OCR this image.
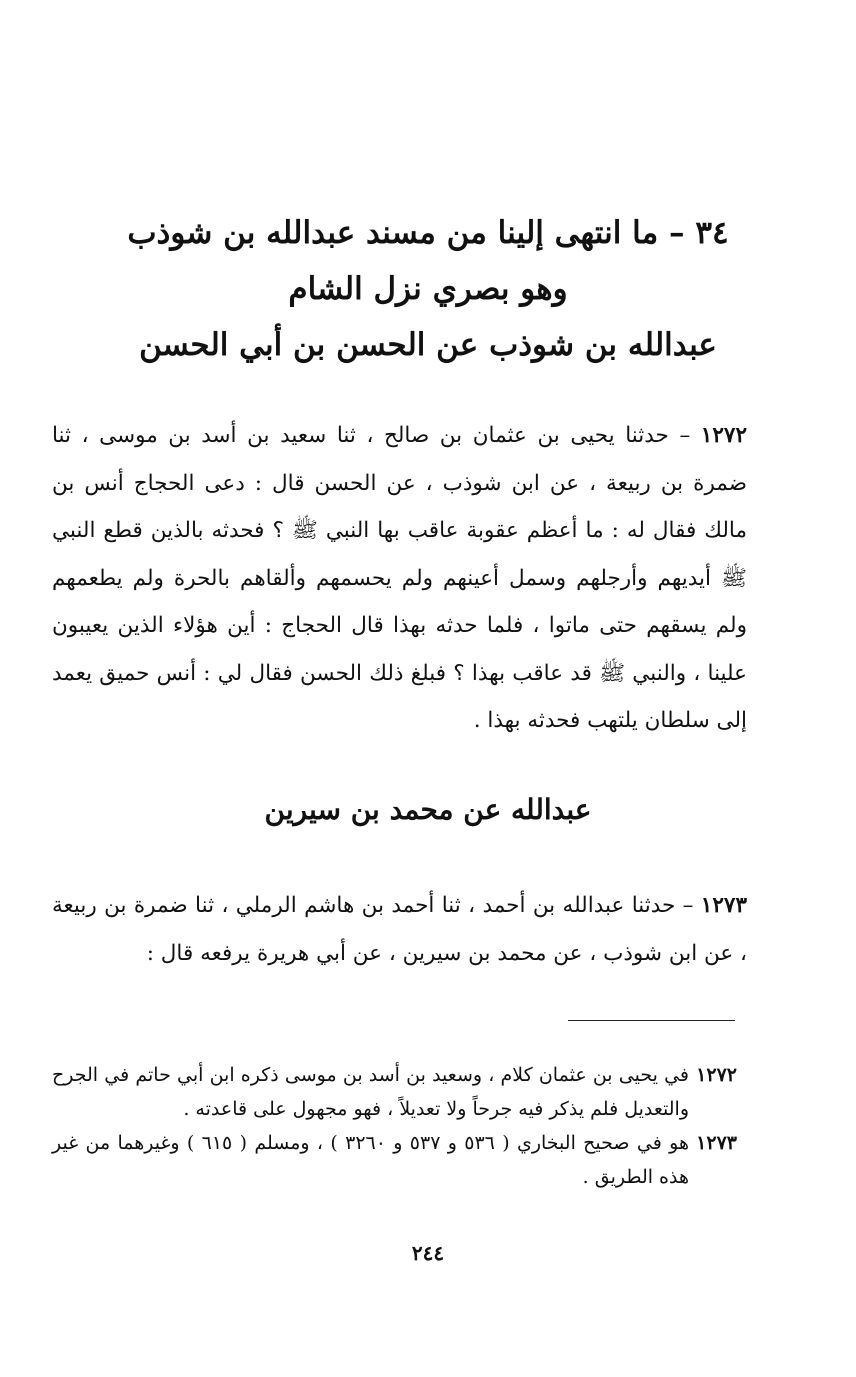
٣٤ – ما انتهى إلينا من مسند عبدالله بن شوذب
وهو بصري نزل الشام
عبدالله بن شوذب عن الحسن بن أبي الحسن

١٢٧٢ – حدثنا يحيى بن عثمان بن صالح ، ثنا سعيد بن أسد بن موسى ، ثنا ضمرة بن ربيعة ، عن ابن شوذب ، عن الحسن قال : دعى الحجاج أنس بن مالك فقال له : ما أعظم عقوبة عاقب بها النبي ﷺ ؟ فحدثه بالذين قطع النبي ﷺ أيديهم وأرجلهم وسمل أعينهم ولم يحسمهم وألقاهم بالحرة ولم يطعمهم ولم يسقهم حتى ماتوا ، فلما حدثه بهذا قال الحجاج : أين هؤلاء الذين يعيبون علينا ، والنبي ﷺ قد عاقب بهذا ؟ فبلغ ذلك الحسن فقال لي : أنس حميق يعمد إلى سلطان يلتهب فحدثه بهذا .

عبدالله عن محمد بن سيرين

١٢٧٣ – حدثنا عبدالله بن أحمد ، ثنا أحمد بن هاشم الرملي ، ثنا ضمرة بن ربيعة ، عن ابن شوذب ، عن محمد بن سيرين ، عن أبي هريرة يرفعه قال :

١٢٧٢
في يحيى بن عثمان كلام ، وسعيد بن أسد بن موسى ذكره ابن أبي حاتم في الجرح والتعديل فلم يذكر فيه جرحاً ولا تعديلاً ، فهو مجهول على قاعدته .
١٢٧٣
هو في صحيح البخاري ( ٥٣٦ و ٥٣٧ و ٣٢٦٠ ) ، ومسلم ( ٦١٥ ) وغيرهما من غير هذه الطريق .
٢٤٤
